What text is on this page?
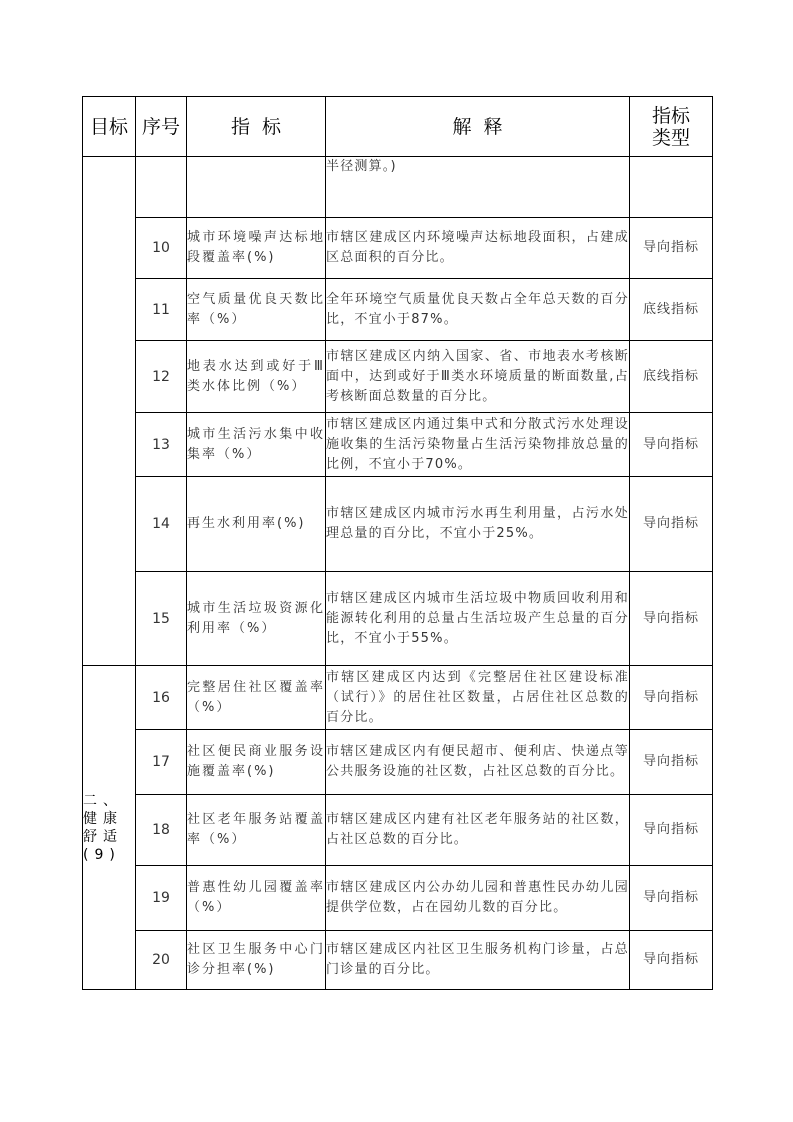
目标	序号	指 标	解 释	指标类型
			半径测算。)	
	10	城市环境噪声达标地段覆盖率(%)	市辖区建成区内环境噪声达标地段面积，占建成区总面积的百分比。	导向指标
	11	空气质量优良天数比率（%）	全年环境空气质量优良天数占全年总天数的百分比，不宜小于87%。	底线指标
	12	地表水达到或好于Ⅲ类水体比例（%）	市辖区建成区内纳入国家、省、市地表水考核断面中，达到或好于Ⅲ类水环境质量的断面数量,占考核断面总数量的百分比。	底线指标
	13	城市生活污水集中收集率（%）	市辖区建成区内通过集中式和分散式污水处理设施收集的生活污染物量占生活污染物排放总量的比例，不宜小于70%。	导向指标
	14	再生水利用率(%)	市辖区建成区内城市污水再生利用量，占污水处理总量的百分比，不宜小于25%。	导向指标
	15	城市生活垃圾资源化利用率（%）	市辖区建成区内城市生活垃圾中物质回收利用和能源转化利用的总量占生活垃圾产生总量的百分比，不宜小于55%。	导向指标
二、健康舒适(9)	16	完整居住社区覆盖率（%）	市辖区建成区内达到《完整居住社区建设标准（试行）》的居住社区数量，占居住社区总数的百分比。	导向指标
	17	社区便民商业服务设施覆盖率(%)	市辖区建成区内有便民超市、便利店、快递点等公共服务设施的社区数，占社区总数的百分比。	导向指标
	18	社区老年服务站覆盖率（%）	市辖区建成区内建有社区老年服务站的社区数，占社区总数的百分比。	导向指标
	19	普惠性幼儿园覆盖率（%）	市辖区建成区内公办幼儿园和普惠性民办幼儿园提供学位数，占在园幼儿数的百分比。	导向指标
	20	社区卫生服务中心门诊分担率(%)	市辖区建成区内社区卫生服务机构门诊量，占总门诊量的百分比。	导向指标
